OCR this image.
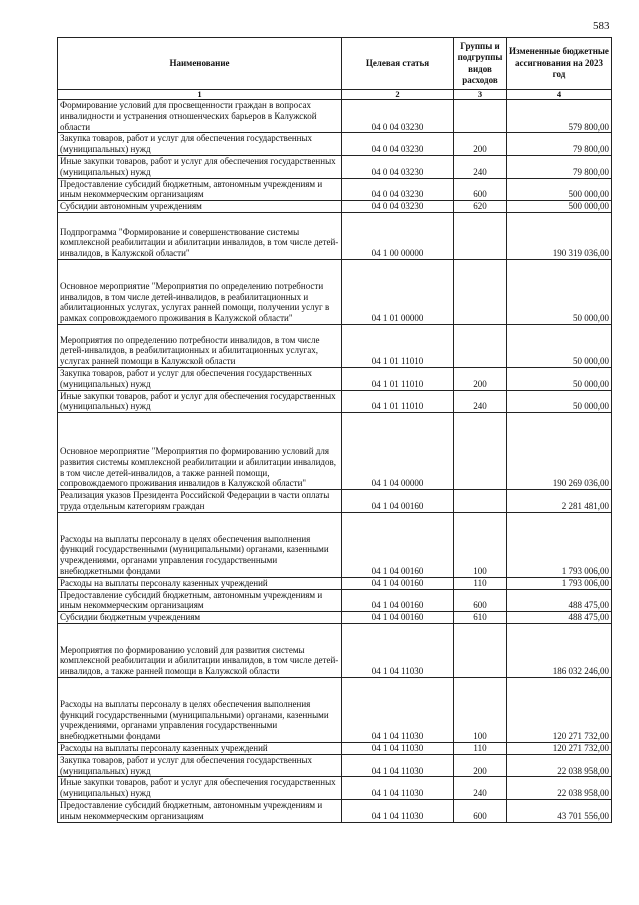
583
Наименование	Целевая статья	Группы и подгруппы видов расходов	Измененные бюджетные ассигнования на 2023 год
1	2	3	4
Формирование условий для просвещенности граждан в вопросах инвалидности и устранения отношенческих барьеров в Калужской области	04 0 04 03230		579 800,00
Закупка товаров, работ и услуг для обеспечения государственных (муниципальных) нужд	04 0 04 03230	200	79 800,00
Иные закупки товаров, работ и услуг для обеспечения государственных (муниципальных) нужд	04 0 04 03230	240	79 800,00
Предоставление субсидий бюджетным, автономным учреждениям и иным некоммерческим организациям	04 0 04 03230	600	500 000,00
Субсидии автономным учреждениям	04 0 04 03230	620	500 000,00
Подпрограмма "Формирование и совершенствование системы комплексной реабилитации и абилитации инвалидов, в том числе детей-инвалидов, в Калужской области"	04 1 00 00000		190 319 036,00
Основное мероприятие "Мероприятия по определению потребности инвалидов, в том числе детей-инвалидов, в реабилитационных и абилитационных услугах, услугах ранней помощи, получении услуг в рамках сопровождаемого проживания в Калужской области"	04 1 01 00000		50 000,00
Мероприятия по определению потребности инвалидов, в том числе детей-инвалидов, в реабилитационных и абилитационных услугах, услугах ранней помощи в Калужской области	04 1 01 11010		50 000,00
Закупка товаров, работ и услуг для обеспечения государственных (муниципальных) нужд	04 1 01 11010	200	50 000,00
Иные закупки товаров, работ и услуг для обеспечения государственных (муниципальных) нужд	04 1 01 11010	240	50 000,00
Основное мероприятие "Мероприятия по формированию условий для развития системы комплексной реабилитации и абилитации инвалидов, в том числе детей-инвалидов, а также ранней помощи, сопровождаемого проживания инвалидов в Калужской области"	04 1 04 00000		190 269 036,00
Реализация указов Президента Российской Федерации в части оплаты труда отдельным категориям граждан	04 1 04 00160		2 281 481,00
Расходы на выплаты персоналу в целях обеспечения выполнения функций государственными (муниципальными) органами, казенными учреждениями, органами управления государственными внебюджетными фондами	04 1 04 00160	100	1 793 006,00
Расходы на выплаты персоналу казенных учреждений	04 1 04 00160	110	1 793 006,00
Предоставление субсидий бюджетным, автономным учреждениям и иным некоммерческим организациям	04 1 04 00160	600	488 475,00
Субсидии бюджетным учреждениям	04 1 04 00160	610	488 475,00
Мероприятия по формированию условий для развития системы комплексной реабилитации и абилитации инвалидов, в том числе детей-инвалидов, а также ранней помощи в Калужской области	04 1 04 11030		186 032 246,00
Расходы на выплаты персоналу в целях обеспечения выполнения функций государственными (муниципальными) органами, казенными учреждениями, органами управления государственными внебюджетными фондами	04 1 04 11030	100	120 271 732,00
Расходы на выплаты персоналу казенных учреждений	04 1 04 11030	110	120 271 732,00
Закупка товаров, работ и услуг для обеспечения государственных (муниципальных) нужд	04 1 04 11030	200	22 038 958,00
Иные закупки товаров, работ и услуг для обеспечения государственных (муниципальных) нужд	04 1 04 11030	240	22 038 958,00
Предоставление субсидий бюджетным, автономным учреждениям и иным некоммерческим организациям	04 1 04 11030	600	43 701 556,00
